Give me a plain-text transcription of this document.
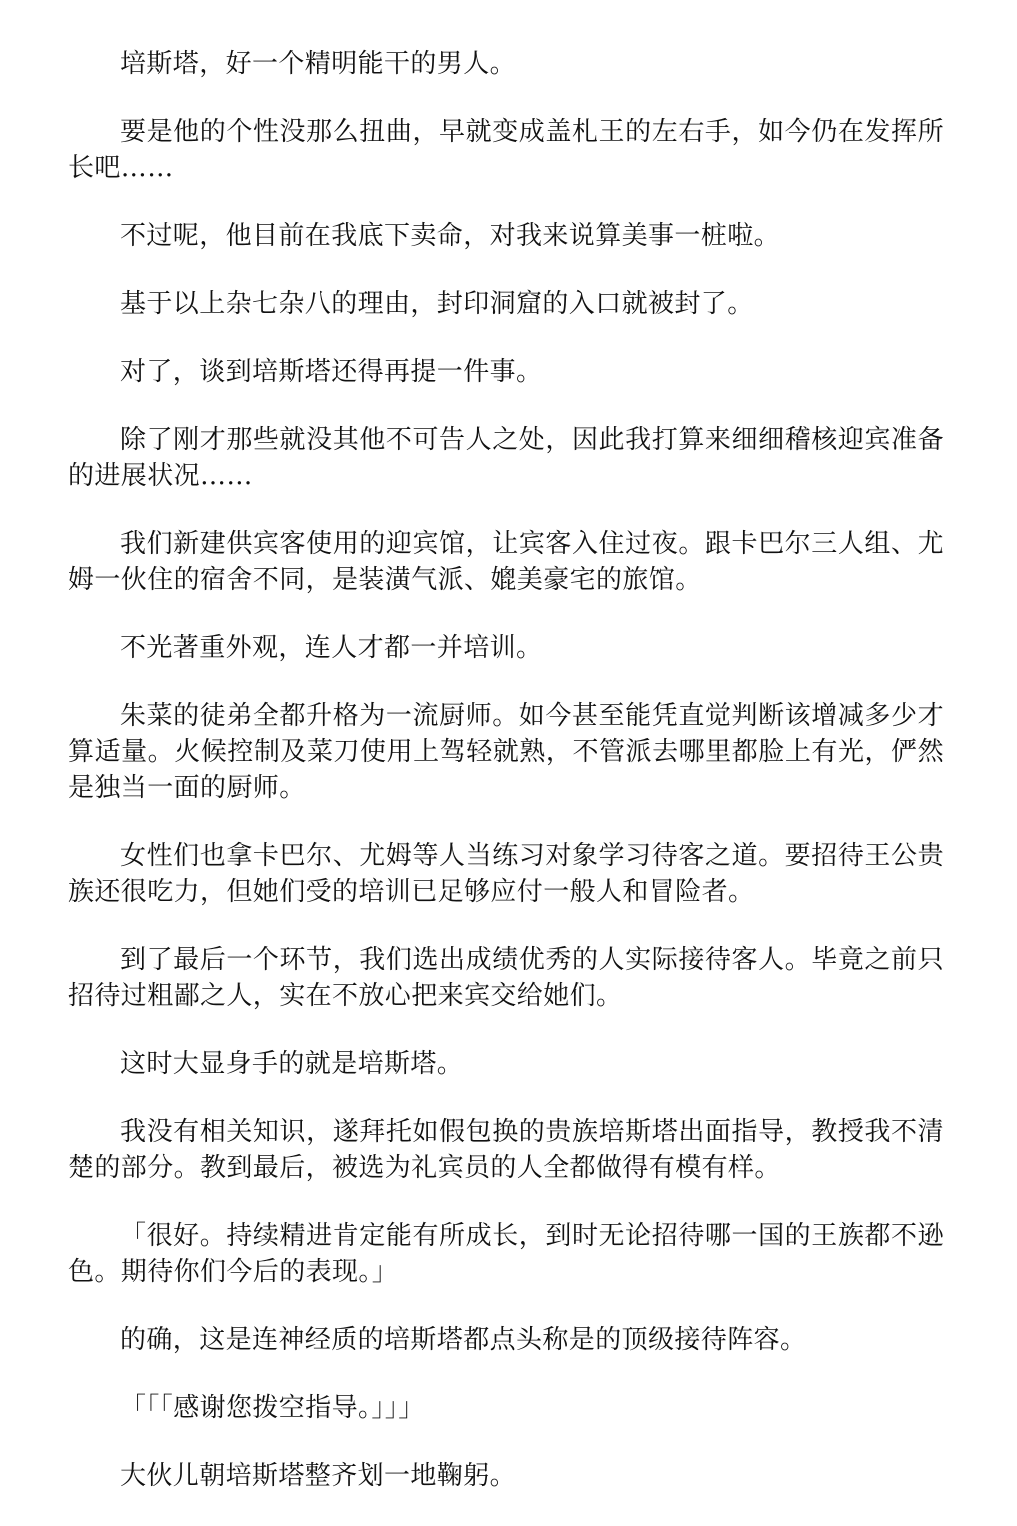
培斯塔，好一个精明能干的男人。

要是他的个性没那么扭曲，早就变成盖札王的左右手，如今仍在发挥所长吧……

不过呢，他目前在我底下卖命，对我来说算美事一桩啦。

基于以上杂七杂八的理由，封印洞窟的入口就被封了。

对了，谈到培斯塔还得再提一件事。

除了刚才那些就没其他不可告人之处，因此我打算来细细稽核迎宾准备的进展状况……

我们新建供宾客使用的迎宾馆，让宾客入住过夜。跟卡巴尔三人组、尤姆一伙住的宿舍不同，是装潢气派、媲美豪宅的旅馆。

不光著重外观，连人才都一并培训。

朱菜的徒弟全都升格为一流厨师。如今甚至能凭直觉判断该增减多少才算适量。火候控制及菜刀使用上驾轻就熟，不管派去哪里都脸上有光，俨然是独当一面的厨师。

女性们也拿卡巴尔、尤姆等人当练习对象学习待客之道。要招待王公贵族还很吃力，但她们受的培训已足够应付一般人和冒险者。

到了最后一个环节，我们选出成绩优秀的人实际接待客人。毕竟之前只招待过粗鄙之人，实在不放心把来宾交给她们。

这时大显身手的就是培斯塔。

我没有相关知识，遂拜托如假包换的贵族培斯塔出面指导，教授我不清楚的部分。教到最后，被选为礼宾员的人全都做得有模有样。

「很好。持续精进肯定能有所成长，到时无论招待哪一国的王族都不逊色。期待你们今后的表现。」

的确，这是连神经质的培斯塔都点头称是的顶级接待阵容。

「「「感谢您拨空指导。」」」

大伙儿朝培斯塔整齐划一地鞠躬。
